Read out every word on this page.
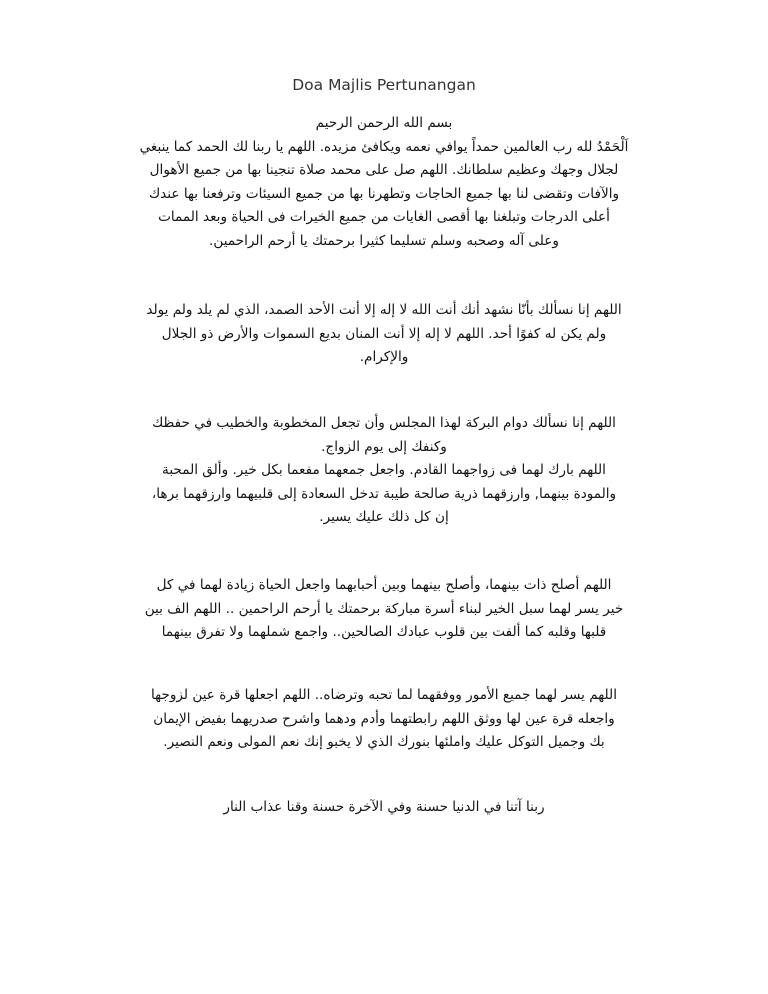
Doa Majlis Pertunangan
بسم الله الرحمن الرحيم
اَلْحَمْدُ لله رب العالمين حمداً يوافي نعمه ويكافئ مزيده. اللهم يا ربنا لك الحمد كما ينبغي
لجلال وجهك وعظيم سلطانك. اللهم صل على محمد صلاة تنجينا بها من جميع الأهوال
والآفات وتقضى لنا بها جميع الحاجات وتطهرنا بها من جميع السيئات وترفعنا بها عندك
أعلى الدرجات وتبلغنا بها أقصى الغايات من جميع الخيرات فى الحياة وبعد الممات
وعلى آله وصحبه وسلم تسليما كثيرا برحمتك يا أرحم الراحمين.
اللهم إنا نسألك بأنّا نشهد أنك أنت الله لا إله إلا أنت الأحد الصمد، الذي لم يلد ولم يولد
ولم يكن له كفوًا أحد. اللهم لا إله إلا أنت المنان بديع السموات والأرض ذو الجلال
والإكرام.
اللهم إنا نسألك دوام البركة لهذا المجلس وأن تجعل المخطوبة والخطيب في حفظك
وكنفك إلى يوم الزواج.
اللهم بارك لهما فى زواجهما القادم. واجعل جمعهما مفعما بكل خير. وألق المحبة
والمودة بينهما, وارزقهما ذرية صالحة طيبة تدخل السعادة إلى قلبيهما وارزقهما برها،
إن كل ذلك عليك يسير.
اللهم أصلح ذات بينهما، وأصلح بينهما وبين أحبابهما واجعل الحياة زيادة لهما في كل
خير يسر لهما سبل الخير لبناء أسرة مباركة برحمتك يا أرحم الراحمين .. اللهم الف بين
قلبها وقلبه كما ألفت بين قلوب عبادك الصالحين.. واجمع شملهما ولا تفرق بينهما
اللهم يسر لهما جميع الأمور ووفقهما لما تحبه وترضاه.. اللهم اجعلها قرة عين لزوجها
واجعله قرة عين لها ووثق اللهم رابطتهما وأدم ودهما واشرح صدريهما بفيض الإيمان
بك وجميل التوكل عليك واملئها بنورك الذي لا يخبو إنك نعم المولى ونعم النصير.
ربنا آتنا في الدنيا حسنة وفي الآخرة حسنة وقنا عذاب النار
